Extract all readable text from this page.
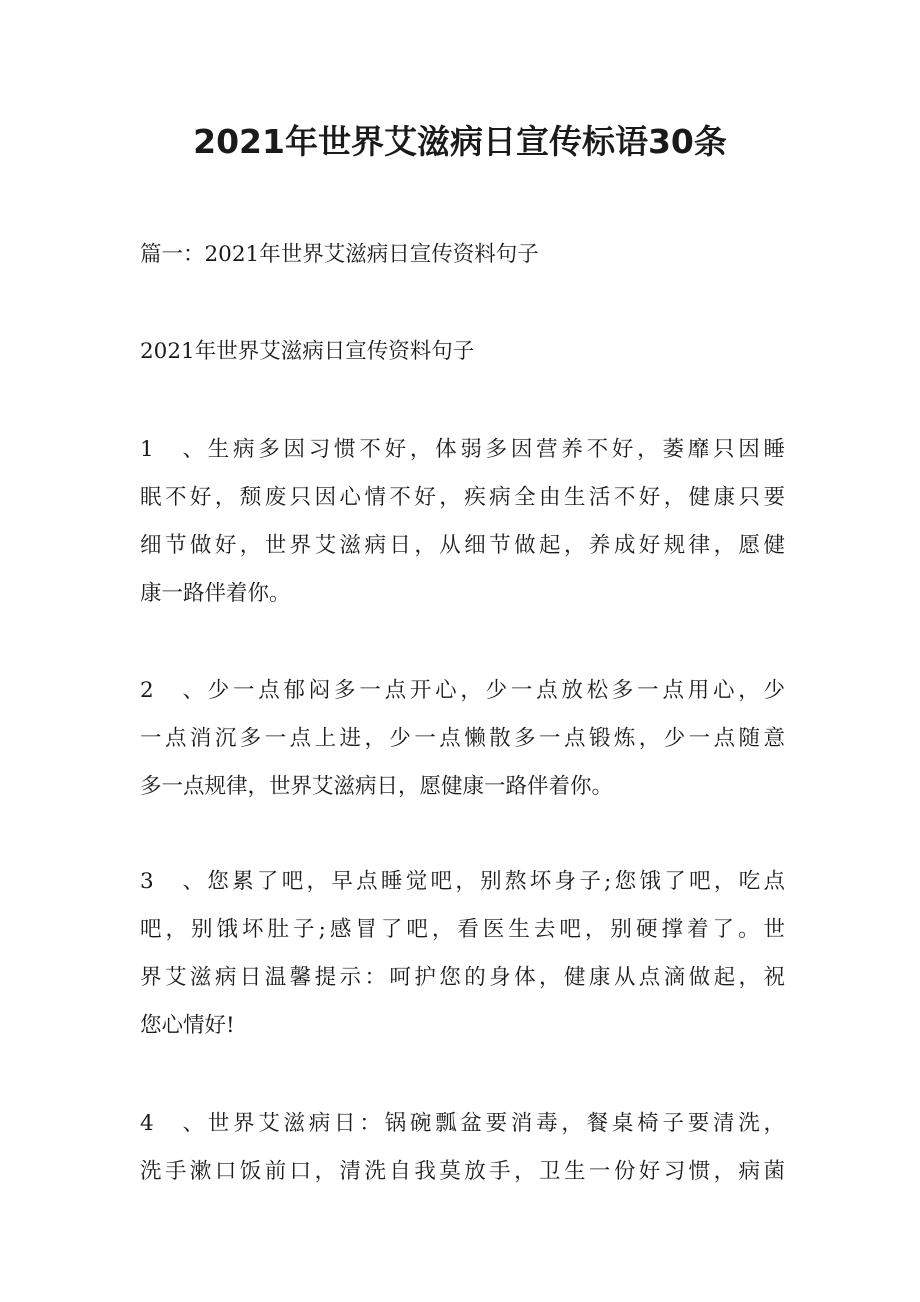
2021年世界艾滋病日宣传标语30条

篇一：2021年世界艾滋病日宣传资料句子

2021年世界艾滋病日宣传资料句子

1、生病多因习惯不好，体弱多因营养不好，萎靡只因睡
眠不好，颓废只因心情不好，疾病全由生活不好，健康只要
细节做好，世界艾滋病日，从细节做起，养成好规律，愿健
康一路伴着你。
2、少一点郁闷多一点开心，少一点放松多一点用心，少
一点消沉多一点上进，少一点懒散多一点锻炼，少一点随意
多一点规律，世界艾滋病日，愿健康一路伴着你。
3、您累了吧，早点睡觉吧，别熬坏身子;您饿了吧，吃点
吧，别饿坏肚子;感冒了吧，看医生去吧，别硬撑着了。世
界艾滋病日温馨提示：呵护您的身体，健康从点滴做起，祝
您心情好!
4、世界艾滋病日：锅碗瓢盆要消毒，餐桌椅子要清洗，
洗手漱口饭前口，清洗自我莫放手，卫生一份好习惯，病菌
